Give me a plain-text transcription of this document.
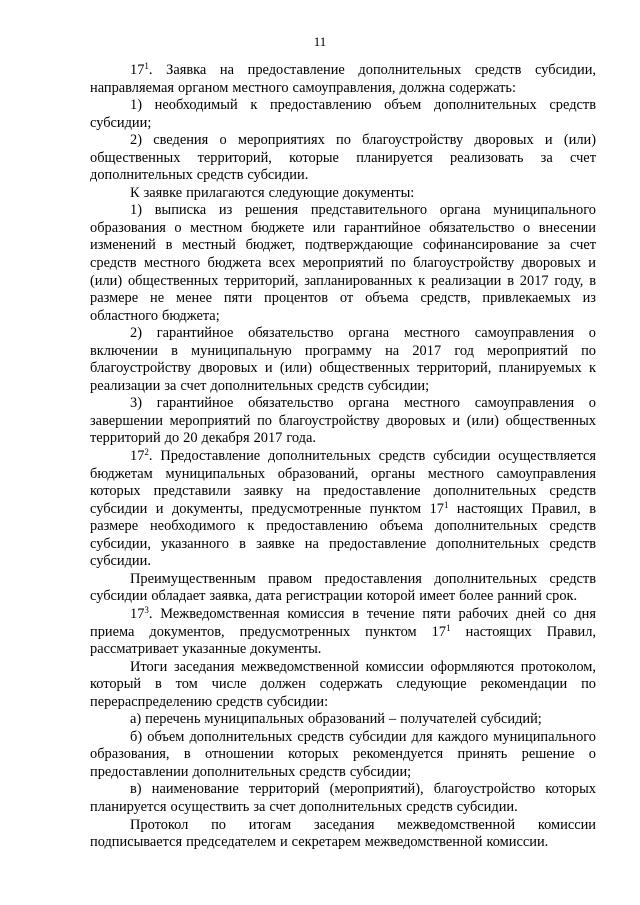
11

$17^1$. Заявка на предоставление дополнительных средств субсидии, направляемая органом местного самоуправления, должна содержать:

1) необходимый к предоставлению объем дополнительных средств субсидии;

2) сведения о мероприятиях по благоустройству дворовых и (или) общественных территорий, которые планируется реализовать за счет дополнительных средств субсидии.

К заявке прилагаются следующие документы:

1) выписка из решения представительного органа муниципального образования о местном бюджете или гарантийное обязательство о внесении изменений в местный бюджет, подтверждающие софинансирование за счет средств местного бюджета всех мероприятий по благоустройству дворовых и (или) общественных территорий, запланированных к реализации в 2017 году, в размере не менее пяти процентов от объема средств, привлекаемых из областного бюджета;

2) гарантийное обязательство органа местного самоуправления о включении в муниципальную программу на 2017 год мероприятий по благоустройству дворовых и (или) общественных территорий, планируемых к реализации за счет дополнительных средств субсидии;

3) гарантийное обязательство органа местного самоуправления о завершении мероприятий по благоустройству дворовых и (или) общественных территорий до 20 декабря 2017 года.

$17^2$. Предоставление дополнительных средств субсидии осуществляется бюджетам муниципальных образований, органы местного самоуправления которых представили заявку на предоставление дополнительных средств субсидии и документы, предусмотренные пунктом $17^1$ настоящих Правил, в размере необходимого к предоставлению объема дополнительных средств субсидии, указанного в заявке на предоставление дополнительных средств субсидии.

Преимущественным правом предоставления дополнительных средств субсидии обладает заявка, дата регистрации которой имеет более ранний срок.

$17^3$. Межведомственная комиссия в течение пяти рабочих дней со дня приема документов, предусмотренных пунктом $17^1$ настоящих Правил, рассматривает указанные документы.

Итоги заседания межведомственной комиссии оформляются протоколом, который в том числе должен содержать следующие рекомендации по перераспределению средств субсидии:

а) перечень муниципальных образований – получателей субсидий;

б) объем дополнительных средств субсидии для каждого муниципального образования, в отношении которых рекомендуется принять решение о предоставлении дополнительных средств субсидии;

в) наименование территорий (мероприятий), благоустройство которых планируется осуществить за счет дополнительных средств субсидии.

Протокол по итогам заседания межведомственной комиссии подписывается председателем и секретарем межведомственной комиссии.
